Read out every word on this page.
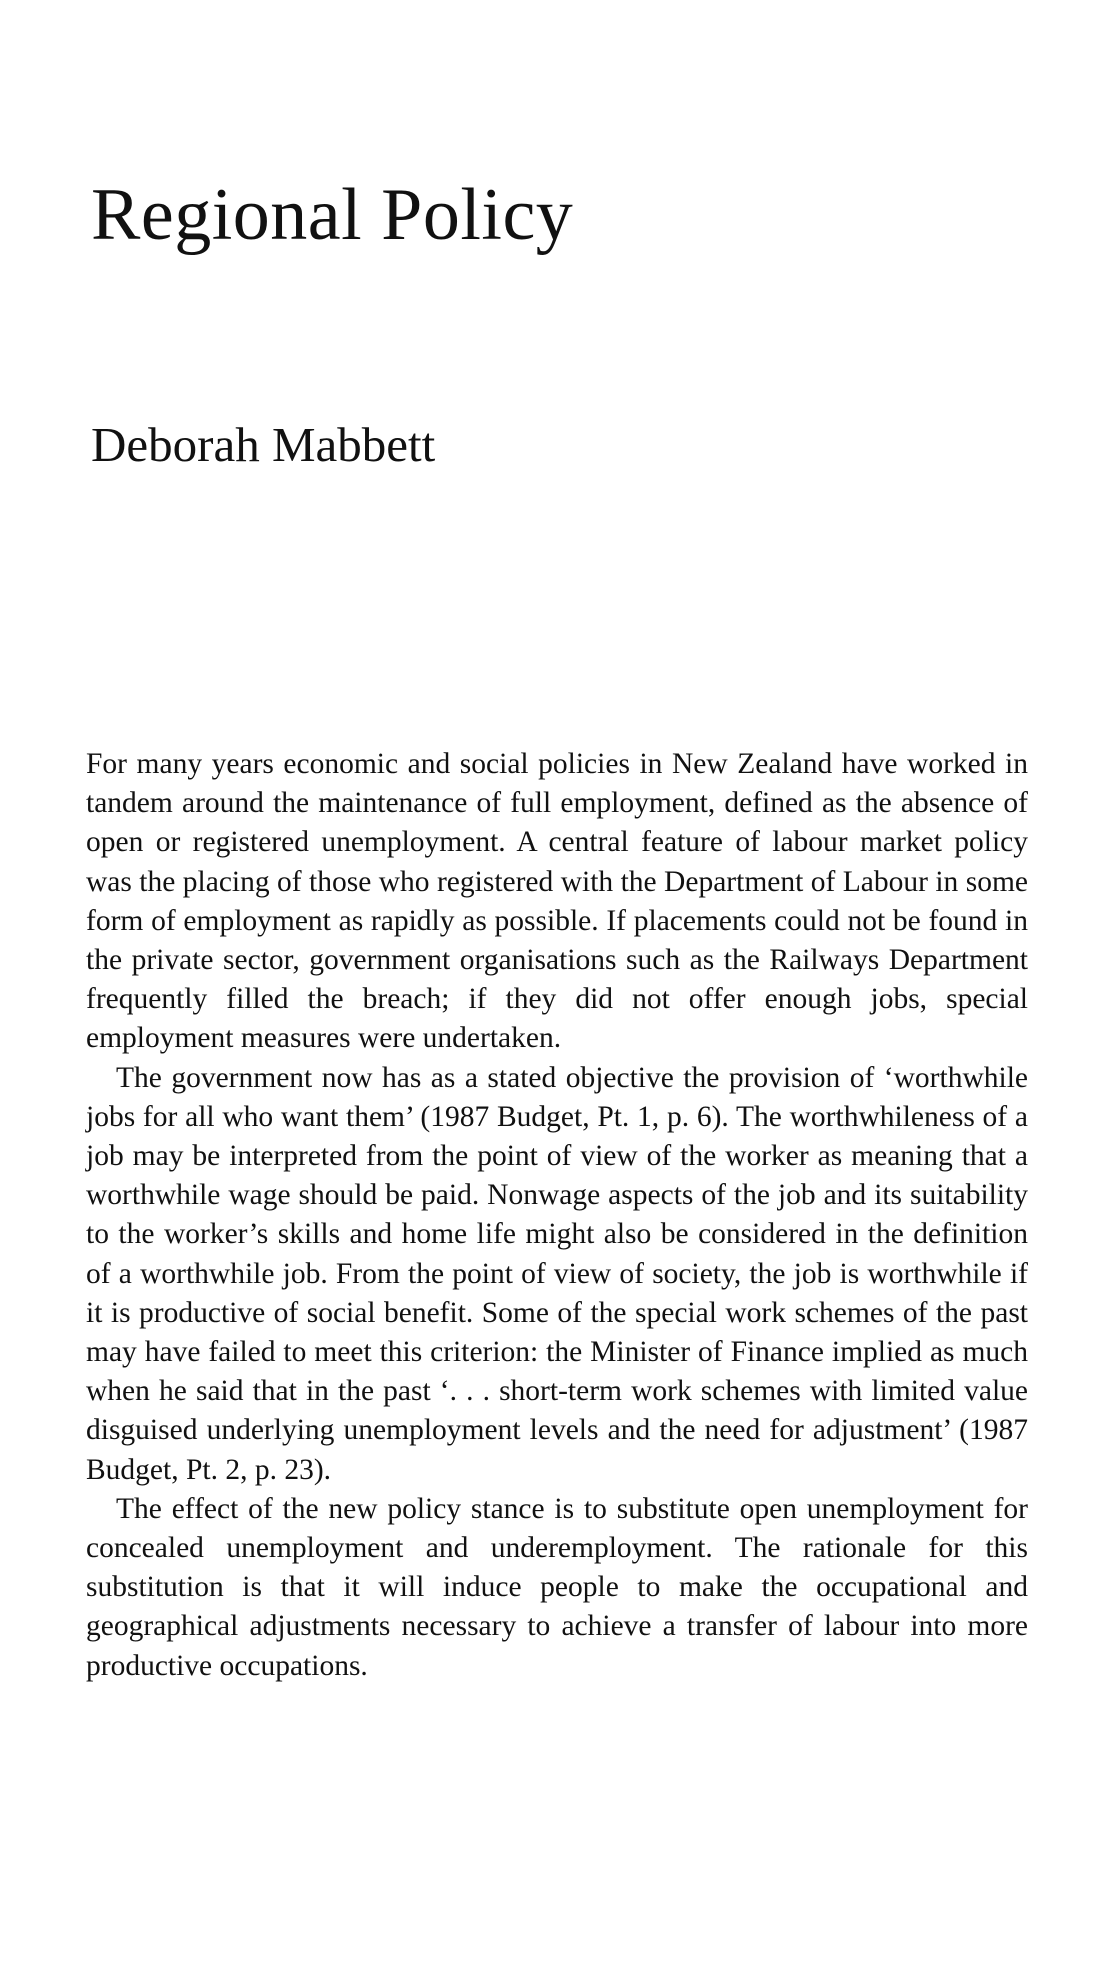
Regional Policy
Deborah Mabbett

For many years economic and social policies in New Zealand have worked in tandem around the maintenance of full employment, defined as the absence of open or registered unemployment. A central feature of labour market policy was the placing of those who registered with the Department of Labour in some form of employment as rapidly as possible. If placements could not be found in the private sector, government organisations such as the Railways Department frequently filled the breach; if they did not offer enough jobs, special employment measures were undertaken.

The government now has as a stated objective the provision of ‘worthwhile jobs for all who want them’ (1987 Budget, Pt. 1, p. 6). The worthwhileness of a job may be interpreted from the point of view of the worker as meaning that a worthwhile wage should be paid. Nonwage aspects of the job and its suitability to the worker’s skills and home life might also be considered in the definition of a worthwhile job. From the point of view of society, the job is worthwhile if it is productive of social benefit. Some of the special work schemes of the past may have failed to meet this criterion: the Minister of Finance implied as much when he said that in the past ‘. . . short-term work schemes with limited value disguised underlying unemployment levels and the need for adjustment’ (1987 Budget, Pt. 2, p. 23).

The effect of the new policy stance is to substitute open unemployment for concealed unemployment and underemployment. The rationale for this substitution is that it will induce people to make the occupational and geographical adjustments necessary to achieve a transfer of labour into more productive occupations.
